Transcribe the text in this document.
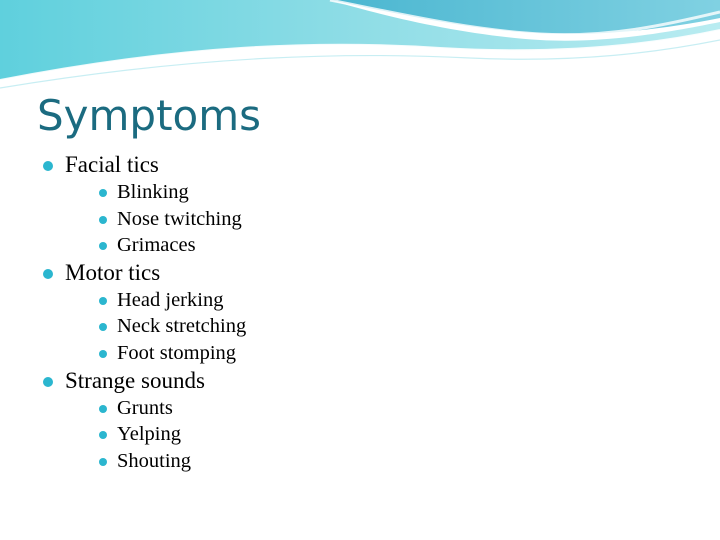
Symptoms
Facial tics
Blinking
Nose twitching
Grimaces
Motor tics
Head jerking
Neck stretching
Foot stomping
Strange sounds
Grunts
Yelping
Shouting
